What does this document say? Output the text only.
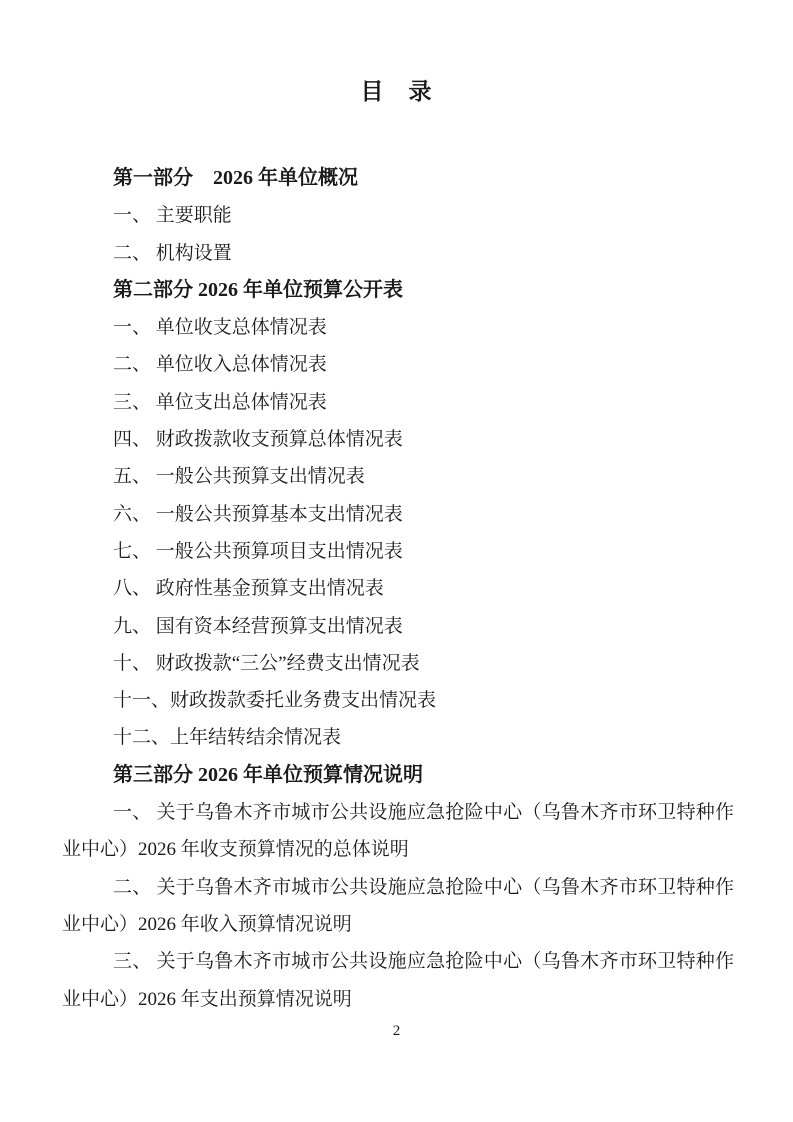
目　录

第一部分　2026 年单位概况

一、 主要职能

二、 机构设置

第二部分 2026 年单位预算公开表

一、 单位收支总体情况表

二、 单位收入总体情况表

三、 单位支出总体情况表

四、 财政拨款收支预算总体情况表

五、 一般公共预算支出情况表

六、 一般公共预算基本支出情况表

七、 一般公共预算项目支出情况表

八、 政府性基金预算支出情况表

九、 国有资本经营预算支出情况表

十、 财政拨款“三公”经费支出情况表

十一、财政拨款委托业务费支出情况表

十二、上年结转结余情况表

第三部分 2026 年单位预算情况说明

一、 关于乌鲁木齐市城市公共设施应急抢险中心（乌鲁木齐市环卫特种作业中心）2026 年收支预算情况的总体说明

二、 关于乌鲁木齐市城市公共设施应急抢险中心（乌鲁木齐市环卫特种作业中心）2026 年收入预算情况说明

三、 关于乌鲁木齐市城市公共设施应急抢险中心（乌鲁木齐市环卫特种作业中心）2026 年支出预算情况说明

2
